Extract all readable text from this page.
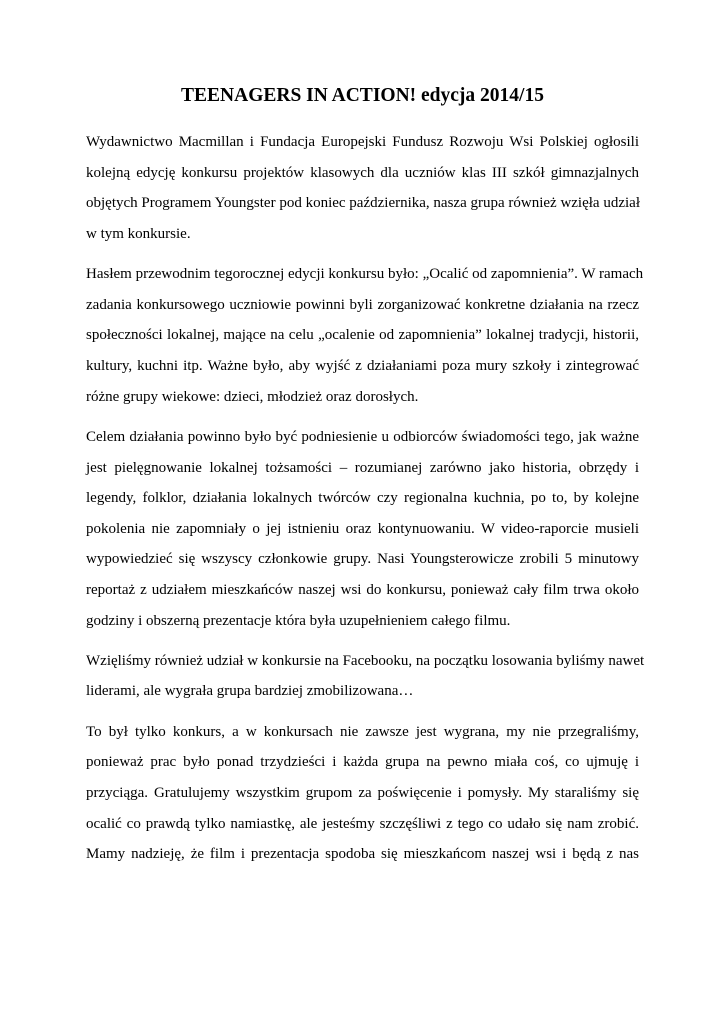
TEENAGERS IN ACTION! edycja 2014/15

Wydawnictwo Macmillan i Fundacja Europejski Fundusz Rozwoju Wsi Polskiej ogłosili
kolejną edycję konkursu projektów klasowych dla uczniów klas III szkół gimnazjalnych
objętych Programem Youngster pod koniec października, nasza grupa również wzięła udział
w tym konkursie.

Hasłem przewodnim tegorocznej edycji konkursu było: „Ocalić od zapomnienia”. W ramach
zadania konkursowego uczniowie powinni byli zorganizować konkretne działania na rzecz
społeczności lokalnej, mające na celu „ocalenie od zapomnienia” lokalnej tradycji, historii,
kultury, kuchni itp. Ważne było, aby wyjść z działaniami poza mury szkoły i zintegrować
różne grupy wiekowe: dzieci, młodzież oraz dorosłych.

Celem działania powinno było być podniesienie u odbiorców świadomości tego, jak ważne
jest pielęgnowanie lokalnej tożsamości – rozumianej zarówno jako historia, obrzędy i
legendy, folklor, działania lokalnych twórców czy regionalna kuchnia, po to, by kolejne
pokolenia nie zapomniały o jej istnieniu oraz kontynuowaniu. W video-raporcie musieli
wypowiedzieć się wszyscy członkowie grupy. Nasi Youngsterowicze zrobili 5 minutowy
reportaż z udziałem mieszkańców naszej wsi do konkursu, ponieważ cały film trwa około
godziny i obszerną prezentacje która była uzupełnieniem całego filmu.

Wzięliśmy również udział w konkursie na Facebooku, na początku losowania byliśmy nawet
liderami, ale wygrała grupa bardziej zmobilizowana…

To był tylko konkurs, a w konkursach nie zawsze jest wygrana, my nie przegraliśmy,
ponieważ prac było ponad trzydzieści i każda grupa na pewno miała coś, co ujmuję i
przyciąga. Gratulujemy wszystkim grupom za poświęcenie i pomysły. My staraliśmy się
ocalić co prawdą tylko namiastkę, ale jesteśmy szczęśliwi z tego co udało się nam zrobić.
Mamy nadzieję, że film i prezentacja spodoba się mieszkańcom naszej wsi i będą z nas
